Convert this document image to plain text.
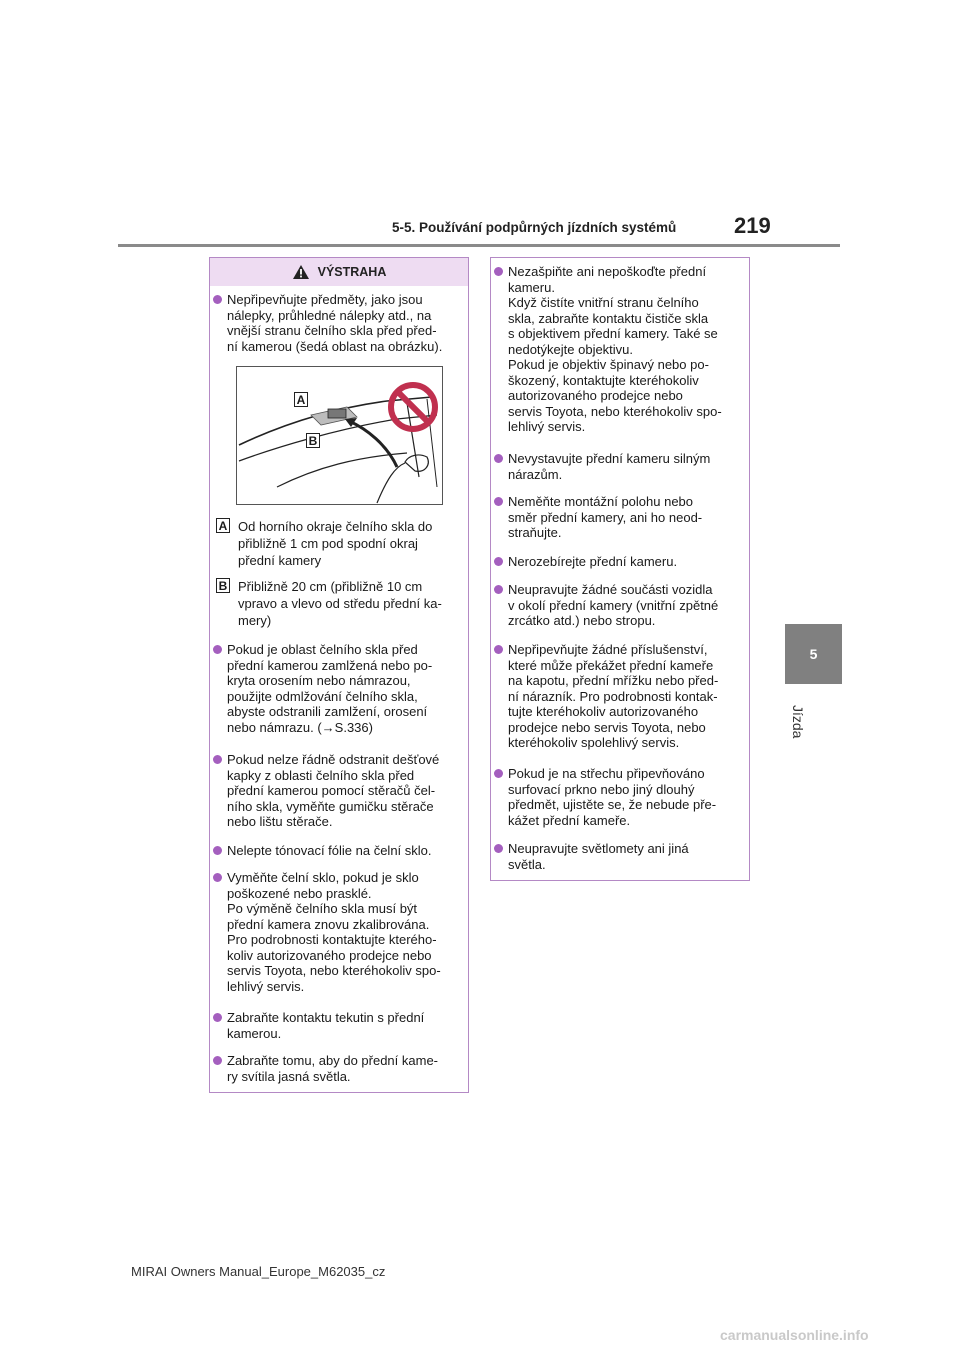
5-5. Používání podpůrných jízdních systémů	219
5
Jízda
VÝSTRAHA

Nepřipevňujte předměty, jako jsou

nálepky, průhledné nálepky atd., na

vnější stranu čelního skla před před-

ní kamerou (šedá oblast na obrázku).

A
B
A Od horního okraje čelního skla do
přibližně 1 cm pod spodní okraj
přední kamery
B Přibližně 20 cm (přibližně 10 cm
vpravo a vlevo od středu přední ka-
mery)

Pokud je oblast čelního skla před

přední kamerou zamlžená nebo po-

kryta orosením nebo námrazou,

použijte odmlžování čelního skla,

abyste odstranili zamlžení, orosení

nebo námrazu. (→S.336)

Pokud nelze řádně odstranit dešťové

kapky z oblasti čelního skla před

přední kamerou pomocí stěračů čel-

ního skla, vyměňte gumičku stěrače

nebo lištu stěrače.

Nelepte tónovací fólie na čelní sklo.

Vyměňte čelní sklo, pokud je sklo

poškozené nebo prasklé.

Po výměně čelního skla musí být

přední kamera znovu zkalibrována.

Pro podrobnosti kontaktujte kterého-

koliv autorizovaného prodejce nebo

servis Toyota, nebo kteréhokoliv spo-

lehlivý servis.

Zabraňte kontaktu tekutin s přední

kamerou.

Zabraňte tomu, aby do přední kame-

ry svítila jasná světla.

Nezašpiňte ani nepoškoďte přední

kameru.

Když čistíte vnitřní stranu čelního

skla, zabraňte kontaktu čističe skla

s objektivem přední kamery. Také se

nedotýkejte objektivu.

Pokud je objektiv špinavý nebo po-

škozený, kontaktujte kteréhokoliv

autorizovaného prodejce nebo

servis Toyota, nebo kteréhokoliv spo-

lehlivý servis.

Nevystavujte přední kameru silným

nárazům.

Neměňte montážní polohu nebo

směr přední kamery, ani ho neod-

straňujte.

Nerozebírejte přední kameru.

Neupravujte žádné součásti vozidla

v okolí přední kamery (vnitřní zpětné

zrcátko atd.) nebo stropu.

Nepřipevňujte žádné příslušenství,

které může překážet přední kameře

na kapotu, přední mřížku nebo před-

ní nárazník. Pro podrobnosti kontak-

tujte kteréhokoliv autorizovaného

prodejce nebo servis Toyota, nebo

kteréhokoliv spolehlivý servis.

Pokud je na střechu připevňováno

surfovací prkno nebo jiný dlouhý

předmět, ujistěte se, že nebude pře-

kážet přední kameře.

Neupravujte světlomety ani jiná

světla.

MIRAI Owners Manual_Europe_M62035_cz
carmanualsonline.info
